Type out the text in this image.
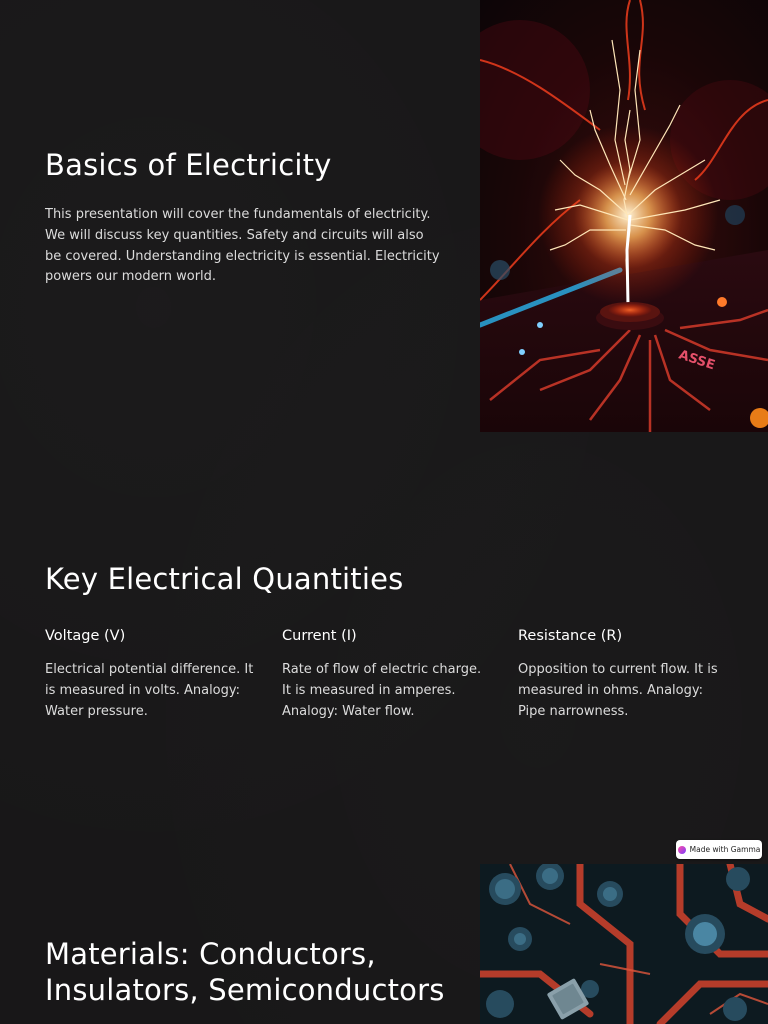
Basics of Electricity

This presentation will cover the fundamentals of electricity. We will discuss key quantities. Safety and circuits will also be covered. Understanding electricity is essential. Electricity powers our modern world.

ASSE
Key Electrical Quantities
Voltage (V)

Electrical potential difference. It is measured in volts. Analogy: Water pressure.

Current (I)

Rate of flow of electric charge. It is measured in amperes. Analogy: Water flow.

Resistance (R)

Opposition to current flow. It is measured in ohms. Analogy: Pipe narrowness.

Made with Gamma
Materials: Conductors, Insulators, Semiconductors
